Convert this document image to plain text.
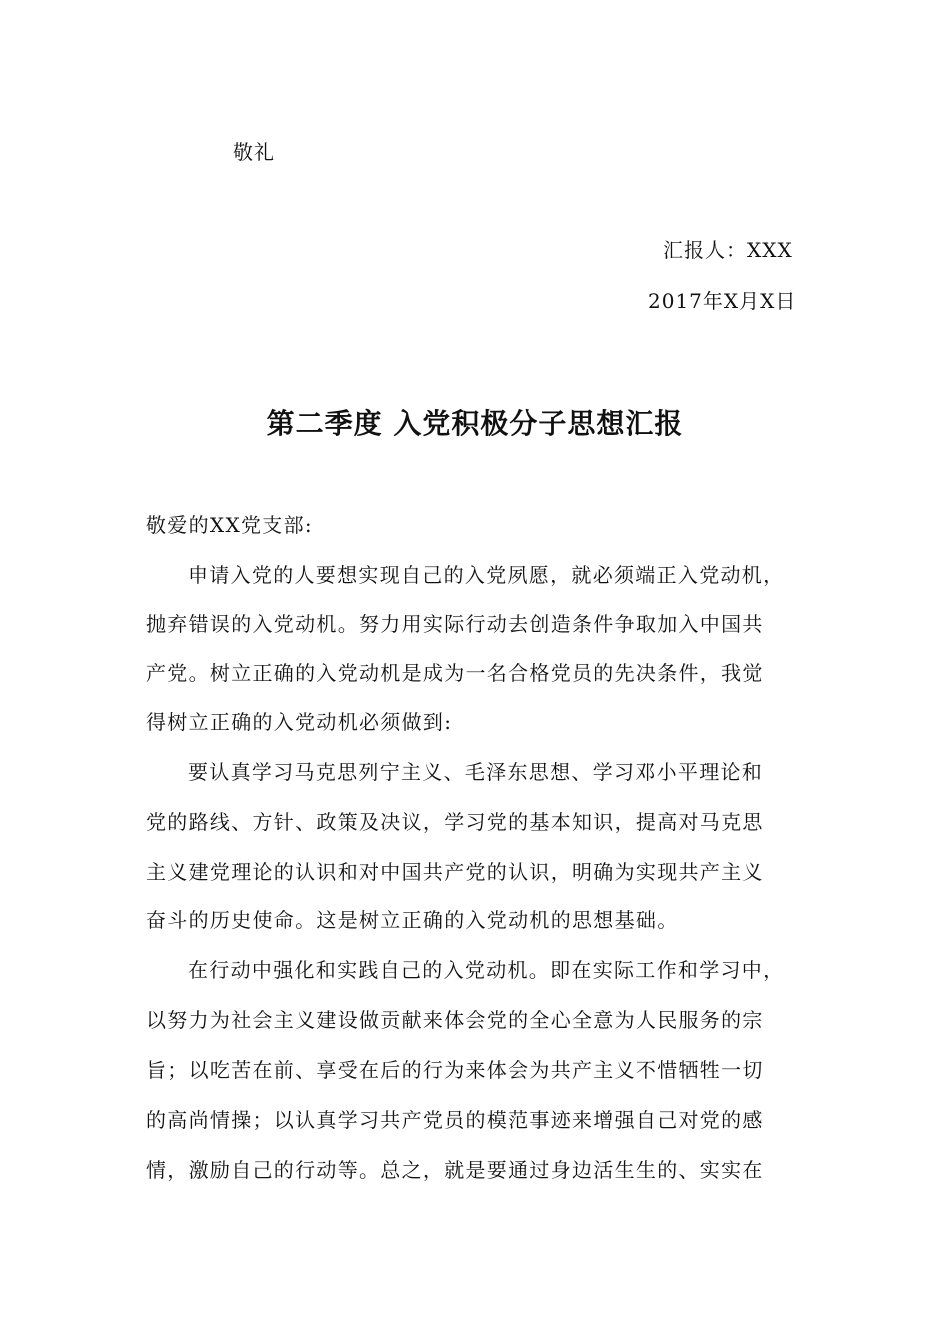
敬礼
汇报人：XXX
2017年X月X日
第二季度 入党积极分子思想汇报
敬爱的XX党支部:
申请入党的人要想实现自己的入党夙愿，就必须端正入党动机，
抛弃错误的入党动机。努力用实际行动去创造条件争取加入中国共
产党。树立正确的入党动机是成为一名合格党员的先决条件，我觉
得树立正确的入党动机必须做到:
要认真学习马克思列宁主义、毛泽东思想、学习邓小平理论和
党的路线、方针、政策及决议，学习党的基本知识，提高对马克思
主义建党理论的认识和对中国共产党的认识，明确为实现共产主义
奋斗的历史使命。这是树立正确的入党动机的思想基础。
在行动中强化和实践自己的入党动机。即在实际工作和学习中，
以努力为社会主义建设做贡献来体会党的全心全意为人民服务的宗
旨；以吃苦在前、享受在后的行为来体会为共产主义不惜牺牲一切
的高尚情操；以认真学习共产党员的模范事迹来增强自己对党的感
情，激励自己的行动等。总之，就是要通过身边活生生的、实实在
